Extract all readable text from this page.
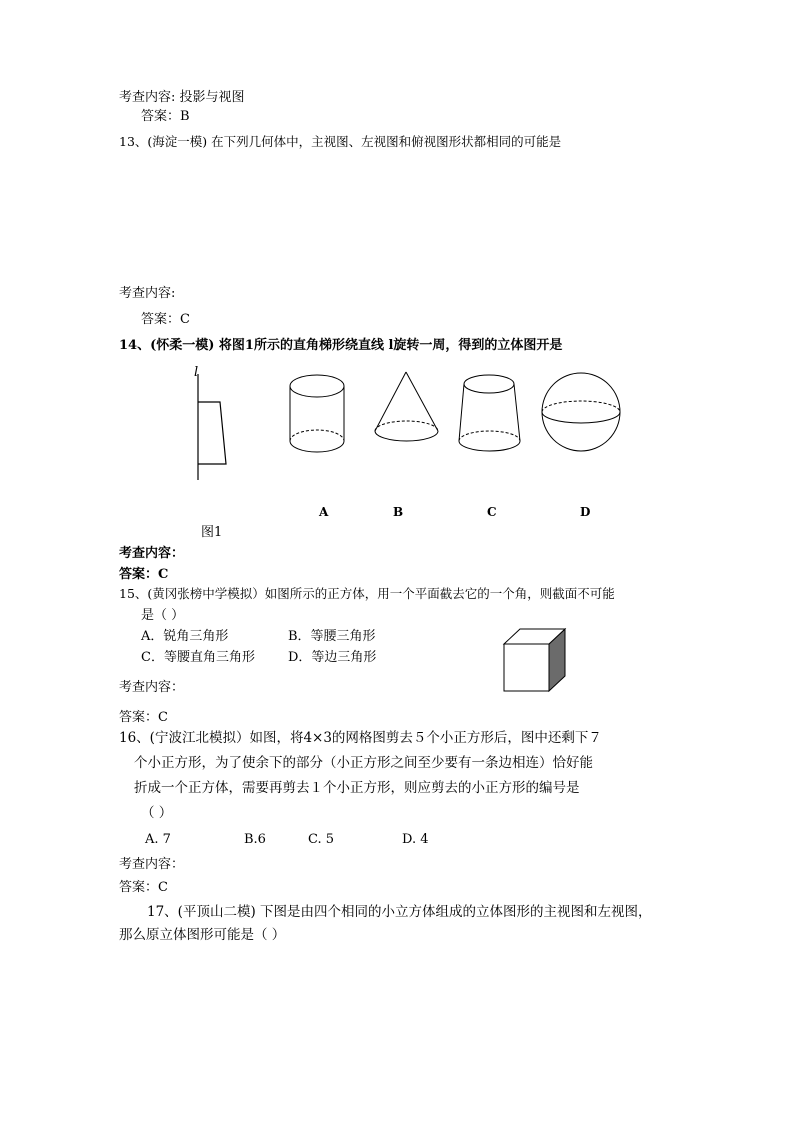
考查内容: 投影与视图
答案：B
13、(海淀一模) 在下列几何体中，主视图、左视图和俯视图形状都相同的可能是
考查内容:
答案：C
14、(怀柔一模) 将图1所示的直角梯形绕直线 l旋转一周，得到的立体图开是
l
A	B	C	D
图1
考查内容：
答案：C
15、(黄冈张榜中学模拟）如图所示的正方体，用一个平面截去它的一个角，则截面不可能
是（ ）
A．锐角三角形	B．等腰三角形
C．等腰直角三角形	D．等边三角形
考查内容：
答案：C
16、(宁波江北模拟）如图，将4×3的网格图剪去５个小正方形后，图中还剩下７
个小正方形，为了使余下的部分（小正方形之间至少要有一条边相连）恰好能
折成一个正方体，需要再剪去１个小正方形，则应剪去的小正方形的编号是
（ ）
A. 7	B.6	C. 5	D. 4
考查内容：
答案：C
17、(平顶山二模) 下图是由四个相同的小立方体组成的立体图形的主视图和左视图，
那么原立体图形可能是（ ）
